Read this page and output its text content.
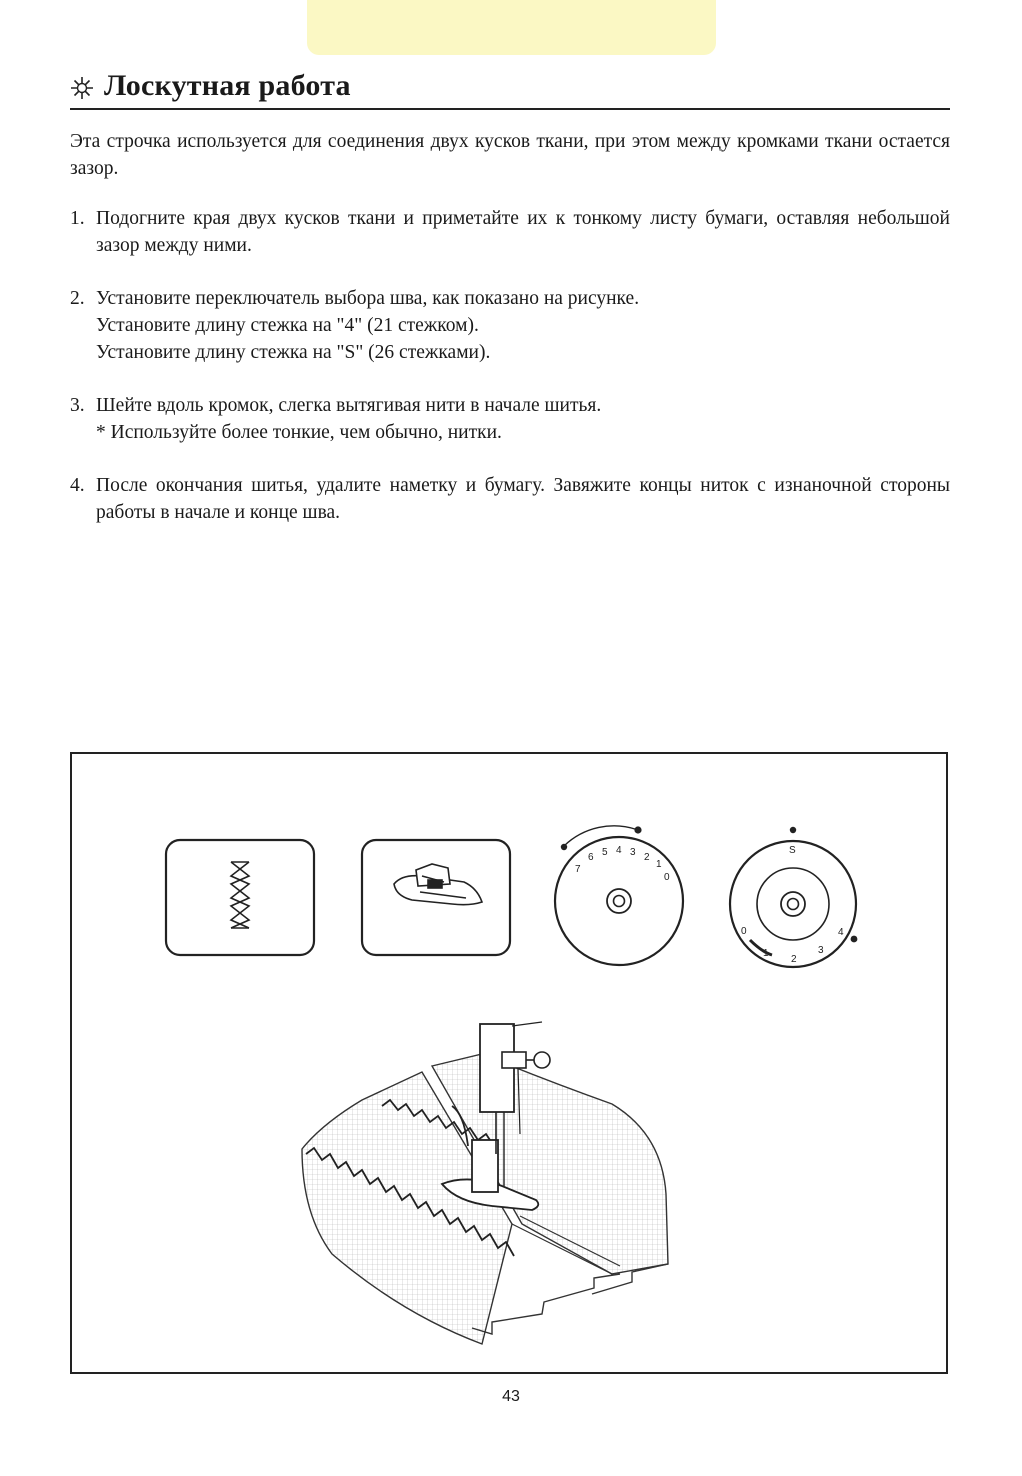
Лоскутная работа

Эта строчка используется для соединения двух кусков ткани, при этом между кромками ткани остается зазор.

1. Подогните края двух кусков ткани и приметайте их к тонкому листу бумаги, оставляя небольшой зазор между ними.

2. Установите переключатель выбора шва, как показано на рисунке.

Установите длину стежка на "4" (21 стежком).

Установите длину стежка на "S" (26 стежками).

3. Шейте вдоль кромок, слегка вытягивая нити в начале шитья.

* Используйте более тонкие, чем обычно, нитки.

4. После окончания шитья, удалите наметку и бумагу. Завяжите концы ниток с изнаночной стороны работы в начале и конце шва.

7
6 5 4 3 2
1
0
S
0
1
2
3
4
43
